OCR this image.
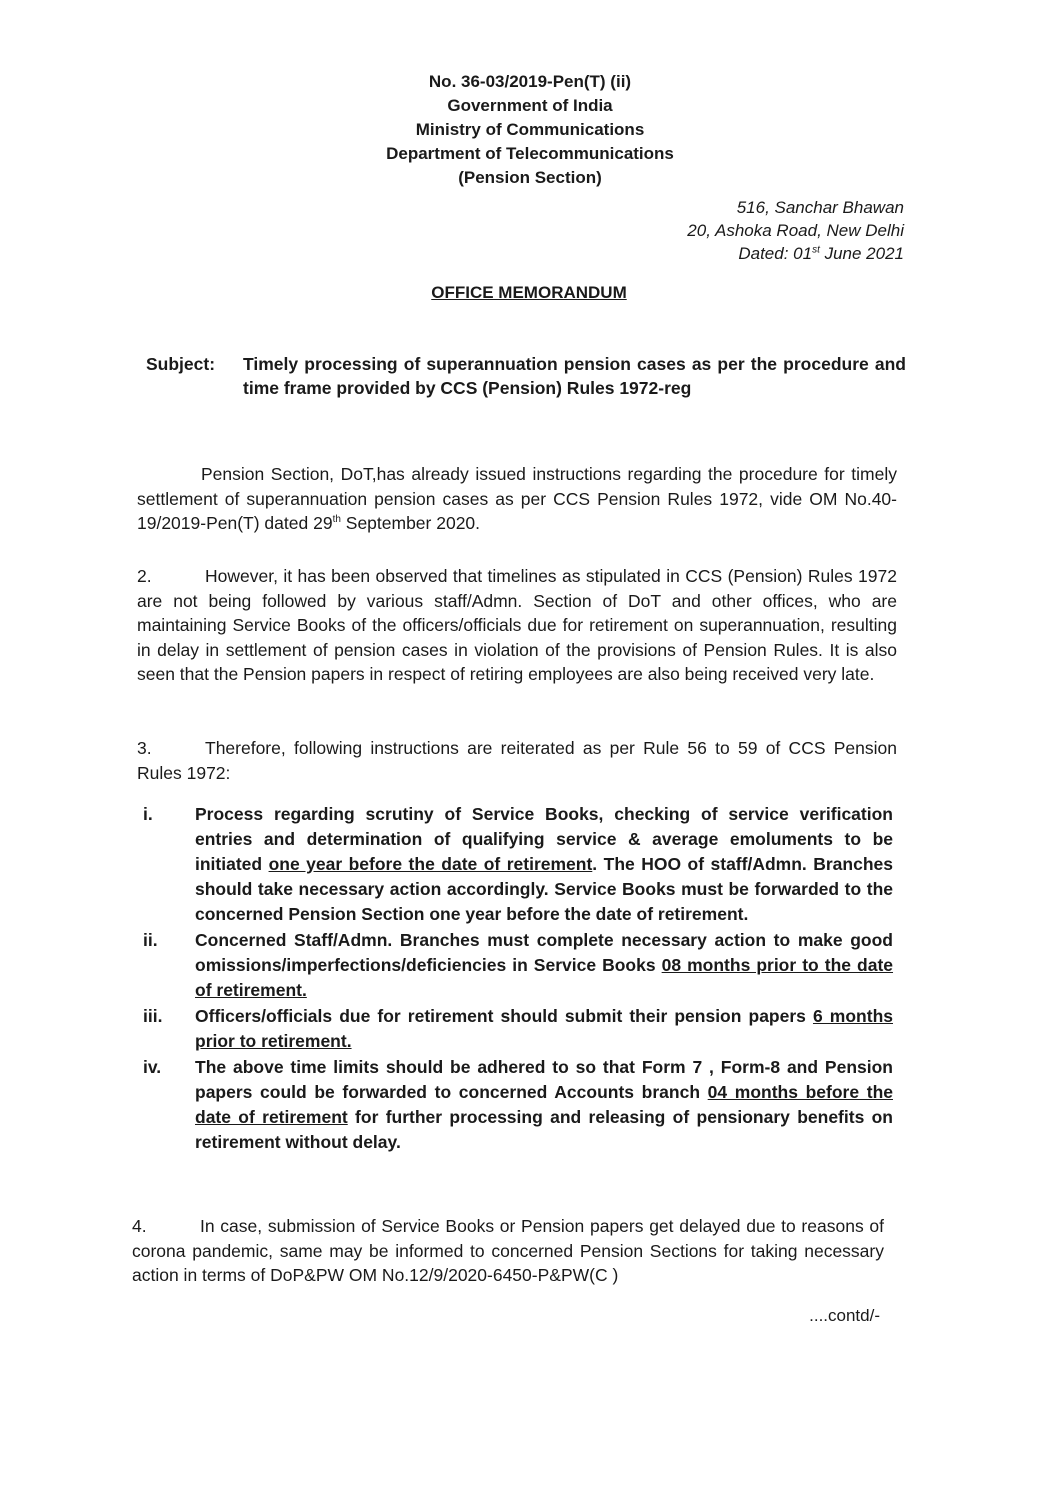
No. 36-03/2019-Pen(T) (ii)
Government of India
Ministry of Communications
Department of Telecommunications
(Pension Section)
516, Sanchar Bhawan
20, Ashoka Road, New Delhi
Dated: 01st June 2021
OFFICE MEMORANDUM
Subject: Timely processing of superannuation pension cases as per the procedure and time frame provided by CCS (Pension) Rules 1972-reg
Pension Section, DoT,has already issued instructions regarding the procedure for timely settlement of superannuation pension cases as per CCS Pension Rules 1972, vide OM No.40-19/2019-Pen(T) dated 29th September 2020.
2.	However, it has been observed that timelines as stipulated in CCS (Pension) Rules 1972 are not being followed by various staff/Admn. Section of DoT and other offices, who are maintaining Service Books of the officers/officials due for retirement on superannuation, resulting in delay in settlement of pension cases in violation of the provisions of Pension Rules. It is also seen that the Pension papers in respect of retiring employees are also being received very late.
3.	Therefore, following instructions are reiterated as per Rule 56 to 59 of CCS Pension Rules 1972:
i. Process regarding scrutiny of Service Books, checking of service verification entries and determination of qualifying service & average emoluments to be initiated one year before the date of retirement. The HOO of staff/Admn. Branches should take necessary action accordingly. Service Books must be forwarded to the concerned Pension Section one year before the date of retirement.
ii. Concerned Staff/Admn. Branches must complete necessary action to make good omissions/imperfections/deficiencies in Service Books 08 months prior to the date of retirement.
iii. Officers/officials due for retirement should submit their pension papers 6 months prior to retirement.
iv. The above time limits should be adhered to so that Form 7 , Form-8 and Pension papers could be forwarded to concerned Accounts branch 04 months before the date of retirement for further processing and releasing of pensionary benefits on retirement without delay.
4.	In case, submission of Service Books or Pension papers get delayed due to reasons of corona pandemic, same may be informed to concerned Pension Sections for taking necessary action in terms of DoP&PW OM No.12/9/2020-6450-P&PW(C )
....contd/-
